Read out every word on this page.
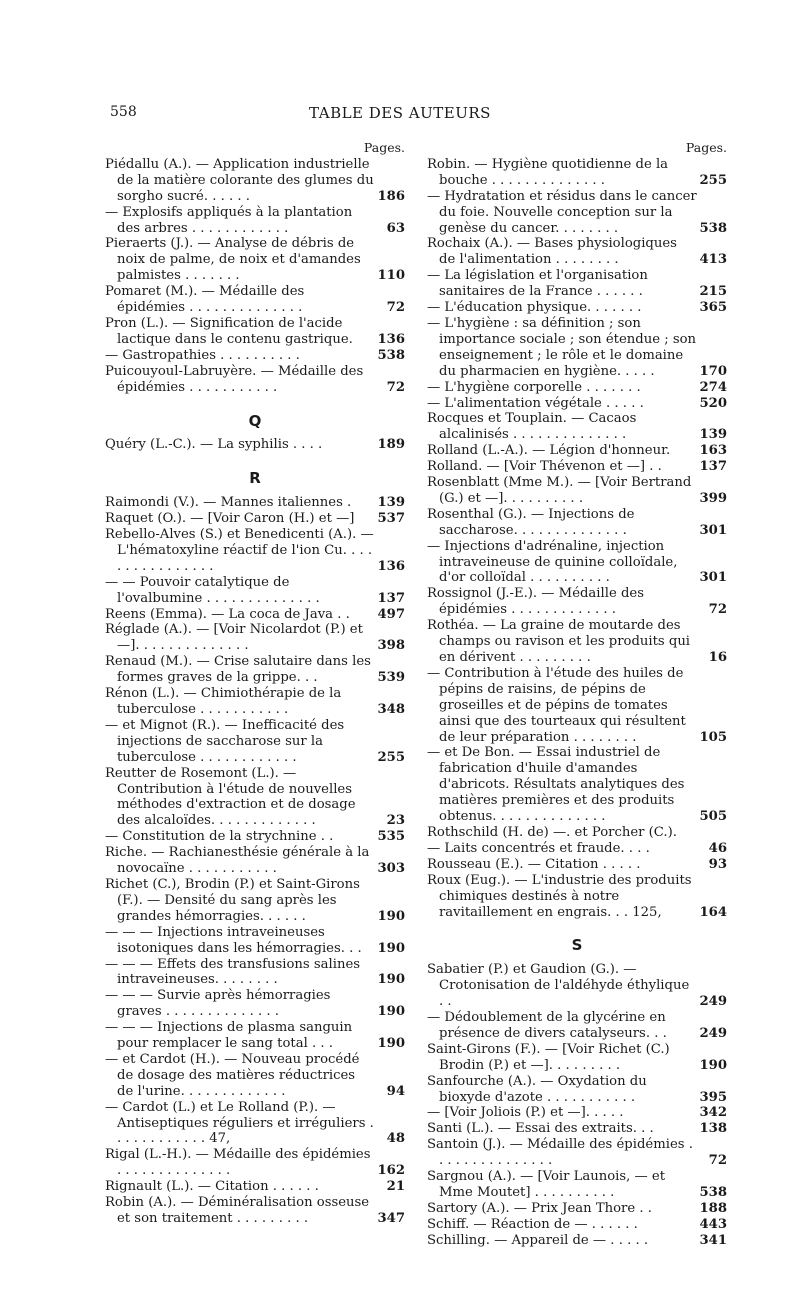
558	TABLE DES AUTEURS
Pages.

Piédallu (A.). — Application industrielle de la matière colorante des glumes du sorgho sucré. . . . . .	186

— Explosifs appliqués à la plantation des arbres . . . . . . . . . . . .	63

Pieraerts (J.). — Analyse de débris de noix de palme, de noix et d'amandes palmistes . . . . . . .	110

Pomaret (M.). — Médaille des épidémies . . . . . . . . . . . . . .	72

Pron (L.). — Signification de l'acide lactique dans le contenu gastrique. 136

— Gastropathies . . . . . . . . . .	538

Puicouyoul-Labruyère. — Médaille des épidémies . . . . . . . . . . .	72

Q

Quéry (L.-C.). — La syphilis . . . .	189

R

Raimondi (V.). — Mannes italiennes . 139

Raquet (O.). — [Voir Caron (H.) et —] 537

Rebello-Alves (S.) et Benedicenti (A.). — L'hématoxyline réactif de l'ion Cu. . . . . . . . . . . . . . . .	136

— — Pouvoir catalytique de l'ovalbumine . . . . . . . . . . . . . .	137

Reens (Emma). — La coca de Java . . 497

Réglade (A.). — [Voir Nicolardot (P.) et —]. . . . . . . . . . . . . .	398

Renaud (M.). — Crise salutaire dans les formes graves de la grippe. . .	539

Rénon (L.). — Chimiothérapie de la tuberculose . . . . . . . . . . .	348

— et Mignot (R.). — Inefficacité des injections de saccharose sur la tuberculose . . . . . . . . . . . .	255

Reutter de Rosemont (L.). — Contribution à l'étude de nouvelles méthodes d'extraction et de dosage des alcaloïdes. . . . . . . . . . . . .	23

— Constitution de la strychnine . .	535

Riche. — Rachianesthésie générale à la novocaïne . . . . . . . . . . .	303

Richet (C.), Brodin (P.) et Saint-Girons (F.). — Densité du sang après les grandes hémorragies. . . . . .	190

— — — Injections intraveineuses isotoniques dans les hémorragies. . . 190

— — — Effets des transfusions salines intraveineuses. . . . . . . .	190

— — — Survie après hémorragies graves . . . . . . . . . . . . . .	190

— — — Injections de plasma sanguin pour remplacer le sang total . . .	190

— et Cardot (H.). — Nouveau procédé de dosage des matières réductrices de l'urine. . . . . . . . . . . . .	94

— Cardot (L.) et Le Rolland (P.). — Antiseptiques réguliers et irréguliers . . . . . . . . . . . . 47,	48

Rigal (L.-H.). — Médaille des épidémies . . . . . . . . . . . . . .	162

Rignault (L.). — Citation . . . . . .	21

Robin (A.). — Déminéralisation osseuse et son traitement . . . . . . . . .	347

Pages.

Robin. — Hygiène quotidienne de la bouche . . . . . . . . . . . . . .	255

— Hydratation et résidus dans le cancer du foie. Nouvelle conception sur la genèse du cancer. . . . . . . .	538

Rochaix (A.). — Bases physiologiques de l'alimentation . . . . . . . .	413

— La législation et l'organisation sanitaires de la France . . . . . .	215

— L'éducation physique. . . . . . .	365

— L'hygiène : sa définition ; son importance sociale ; son étendue ; son enseignement ; le rôle et le domaine du pharmacien en hygiène. . . . .	170

— L'hygiène corporelle . . . . . . .	274

— L'alimentation végétale . . . . .	520

Rocques et Touplain. — Cacaos alcalinisés . . . . . . . . . . . . . .	139

Rolland (L.-A.). — Légion d'honneur. 163

Rolland. — [Voir Thévenon et —] . .	137

Rosenblatt (Mme M.). — [Voir Bertrand (G.) et —]. . . . . . . . . .	399

Rosenthal (G.). — Injections de saccharose. . . . . . . . . . . . . .	301

— Injections d'adrénaline, injection intraveineuse de quinine colloïdale, d'or colloïdal . . . . . . . . . .	301

Rossignol (J.-E.). — Médaille des épidémies . . . . . . . . . . . . .	72

Rothéa. — La graine de moutarde des champs ou ravison et les produits qui en dérivent . . . . . . . . .	16

— Contribution à l'étude des huiles de pépins de raisins, de pépins de groseilles et de pépins de tomates ainsi que des tourteaux qui résultent de leur préparation . . . . . . . .	105

— et De Bon. — Essai industriel de fabrication d'huile d'amandes d'abricots. Résultats analytiques des matières premières et des produits obtenus. . . . . . . . . . . . . .	505

Rothschild (H. de) —. et Porcher (C.).

— Laits concentrés et fraude. . . .	46

Rousseau (E.). — Citation . . . . .	93

Roux (Eug.). — L'industrie des produits chimiques destinés à notre ravitaillement en engrais. . . 125,	164

S

Sabatier (P.) et Gaudion (G.). — Crotonisation de l'aldéhyde éthylique . .	249

— Dédoublement de la glycérine en présence de divers catalyseurs. . . 249

Saint-Girons (F.). — [Voir Richet (C.) Brodin (P.) et —]. . . . . . . . .	190

Sanfourche (A.). — Oxydation du bioxyde d'azote . . . . . . . . . . .	395

— [Voir Joliois (P.) et —]. . . . .	342

Santi (L.). — Essai des extraits. . .	138

Santoin (J.). — Médaille des épidémies . . . . . . . . . . . . . . .	72

Sargnou (A.). — [Voir Launois, — et Mme Moutet] . . . . . . . . . .	538

Sartory (A.). — Prix Jean Thore . .	188

Schiff. — Réaction de — . . . . . .	443

Schilling. — Appareil de — . . . . .	341
